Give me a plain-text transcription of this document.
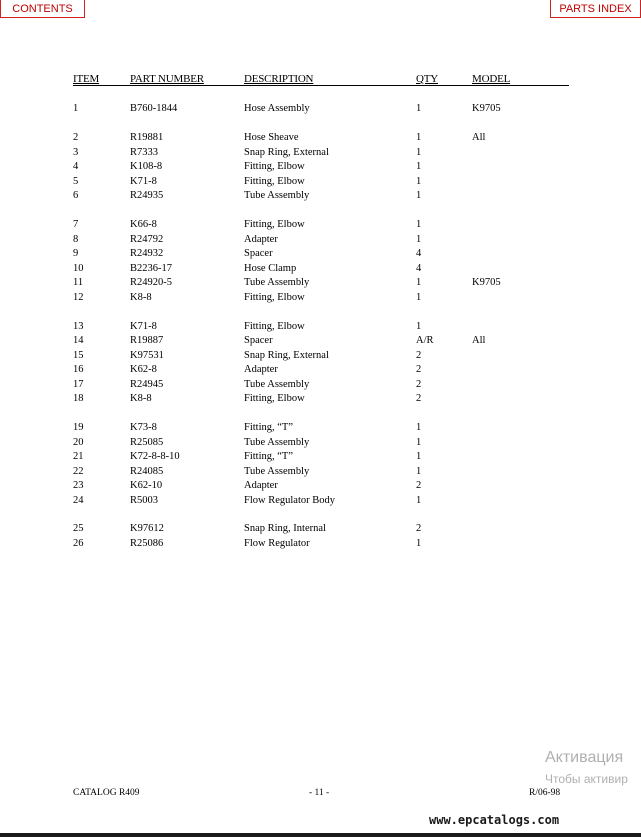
CONTENTS	PARTS INDEX
ITEM	PART NUMBER	DESCRIPTION	QTY	MODEL
1	B760-1844	Hose Assembly	1	K9705
2	R19881	Hose Sheave	1	All
3	R7333	Snap Ring, External	1
4	K108-8	Fitting, Elbow	1
5	K71-8	Fitting, Elbow	1
6	R24935	Tube Assembly	1
7	K66-8	Fitting, Elbow	1
8	R24792	Adapter	1
9	R24932	Spacer	4
10	B2236-17	Hose Clamp	4
11	R24920-5	Tube Assembly	1	K9705
12	K8-8	Fitting, Elbow	1
13	K71-8	Fitting, Elbow	1
14	R19887	Spacer	A/R	All
15	K97531	Snap Ring, External	2
16	K62-8	Adapter	2
17	R24945	Tube Assembly	2
18	K8-8	Fitting, Elbow	2
19	K73-8	Fitting, “T”	1
20	R25085	Tube Assembly	1
21	K72-8-8-10	Fitting, “T”	1
22	R24085	Tube Assembly	1
23	K62-10	Adapter	2
24	R5003	Flow Regulator Body	1
25	K97612	Snap Ring, Internal	2
26	R25086	Flow Regulator	1
CATALOG R409	- 11 -	R/06-98
Активация
Чтобы активир
www.epcatalogs.com
